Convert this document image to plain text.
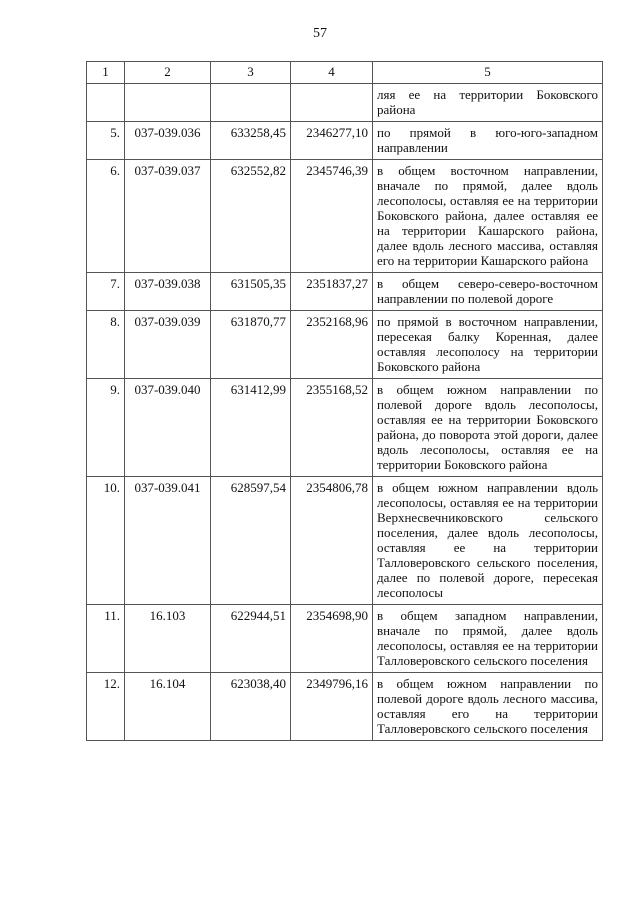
57
1	2	3	4	5
				ляя ее на территории Боковского района
5.	037-039.036	633258,45	2346277,10	по прямой в юго-юго-западном направлении
6.	037-039.037	632552,82	2345746,39	в общем восточном направлении, вначале по прямой, далее вдоль лесополосы, оставляя ее на территории Боковского района, далее оставляя ее на территории Кашарского района, далее вдоль лесного массива, оставляя его на территории Кашарского района
7.	037-039.038	631505,35	2351837,27	в общем северо-северо-восточном направлении по полевой дороге
8.	037-039.039	631870,77	2352168,96	по прямой в восточном направлении, пересекая балку Коренная, далее оставляя лесополосу на территории Боковского района
9.	037-039.040	631412,99	2355168,52	в общем южном направлении по полевой дороге вдоль лесополосы, оставляя ее на территории Боковского района, до поворота этой дороги, далее вдоль лесополосы, оставляя ее на территории Боковского района
10.	037-039.041	628597,54	2354806,78	в общем южном направлении вдоль лесополосы, оставляя ее на территории Верхнесвечниковского сельского поселения, далее вдоль лесополосы, оставляя ее на территории Талловеровского сельского поселения, далее по полевой дороге, пересекая лесополосы
11.	16.103	622944,51	2354698,90	в общем западном направлении, вначале по прямой, далее вдоль лесополосы, оставляя ее на территории Талловеровского сельского поселения
12.	16.104	623038,40	2349796,16	в общем южном направлении по полевой дороге вдоль лесного массива, оставляя его на территории Талловеровского сельского поселения
